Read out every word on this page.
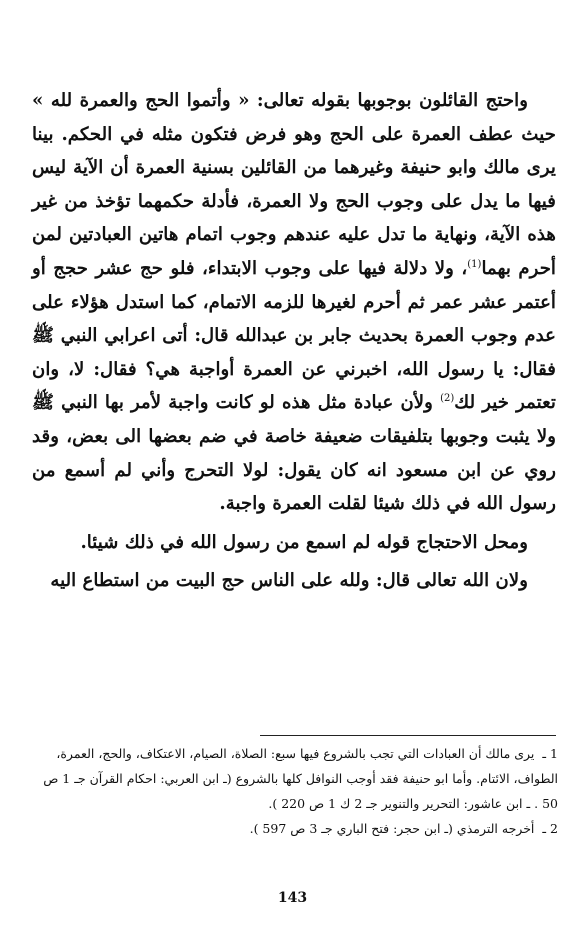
واحتج القائلون بوجوبها بقوله تعالى: « وأتموا الحج والعمرة لله » حيث عطف العمرة على الحج وهو فرض فتكون مثله في الحكم. بينا يرى مالك وابو حنيفة وغيرهما من القائلين بسنية العمرة أن الآية ليس فيها ما يدل على وجوب الحج ولا العمرة، فأدلة حكمهما تؤخذ من غير هذه الآية، ونهاية ما تدل عليه عندهم وجوب اتمام هاتين العبادتين لمن أحرم بهما$^{(1)}$، ولا دلالة فيها على وجوب الابتداء، فلو حج عشر حجج أو أعتمر عشر عمر ثم أحرم لغيرها للزمه الاتمام، كما استدل هؤلاء على عدم وجوب العمرة بحديث جابر بن عبدالله قال: أتى اعرابي النبي ﷺ فقال: يا رسول الله، اخبرني عن العمرة أواجبة هي؟ فقال: لا، وان تعتمر خير لك$^{(2)}$ ولأن عبادة مثل هذه لو كانت واجبة لأمر بها النبي ﷺ ولا يثبت وجوبها بتلفيقات ضعيفة خاصة في ضم بعضها الى بعض، وقد روي عن ابن مسعود انه كان يقول: لولا التحرج وأني لم أسمع من رسول الله في ذلك شيئا لقلت العمرة واجبة.

ومحل الاحتجاج قوله لم اسمع من رسول الله في ذلك شيئا.

ولان الله تعالى قال: ولله على الناس حج البيت من استطاع اليه

1 ـيرى مالك أن العبادات التي تجب بالشروع فيها سبع: الصلاة، الصيام، الاعتكاف، والحج، العمرة، الطواف، الائتام. وأما ابو حنيفة فقد أوجب النوافل كلها بالشروع (ـ ابن العربي: احكام القرآن جـ 1 ص 50 . ـ ابن عاشور: التحرير والتنوير جـ 2 ك 1 ص 220 ).

2 ـأخرجه الترمذي (ـ ابن حجر: فتح الباري جـ 3 ص 597 ).

143
